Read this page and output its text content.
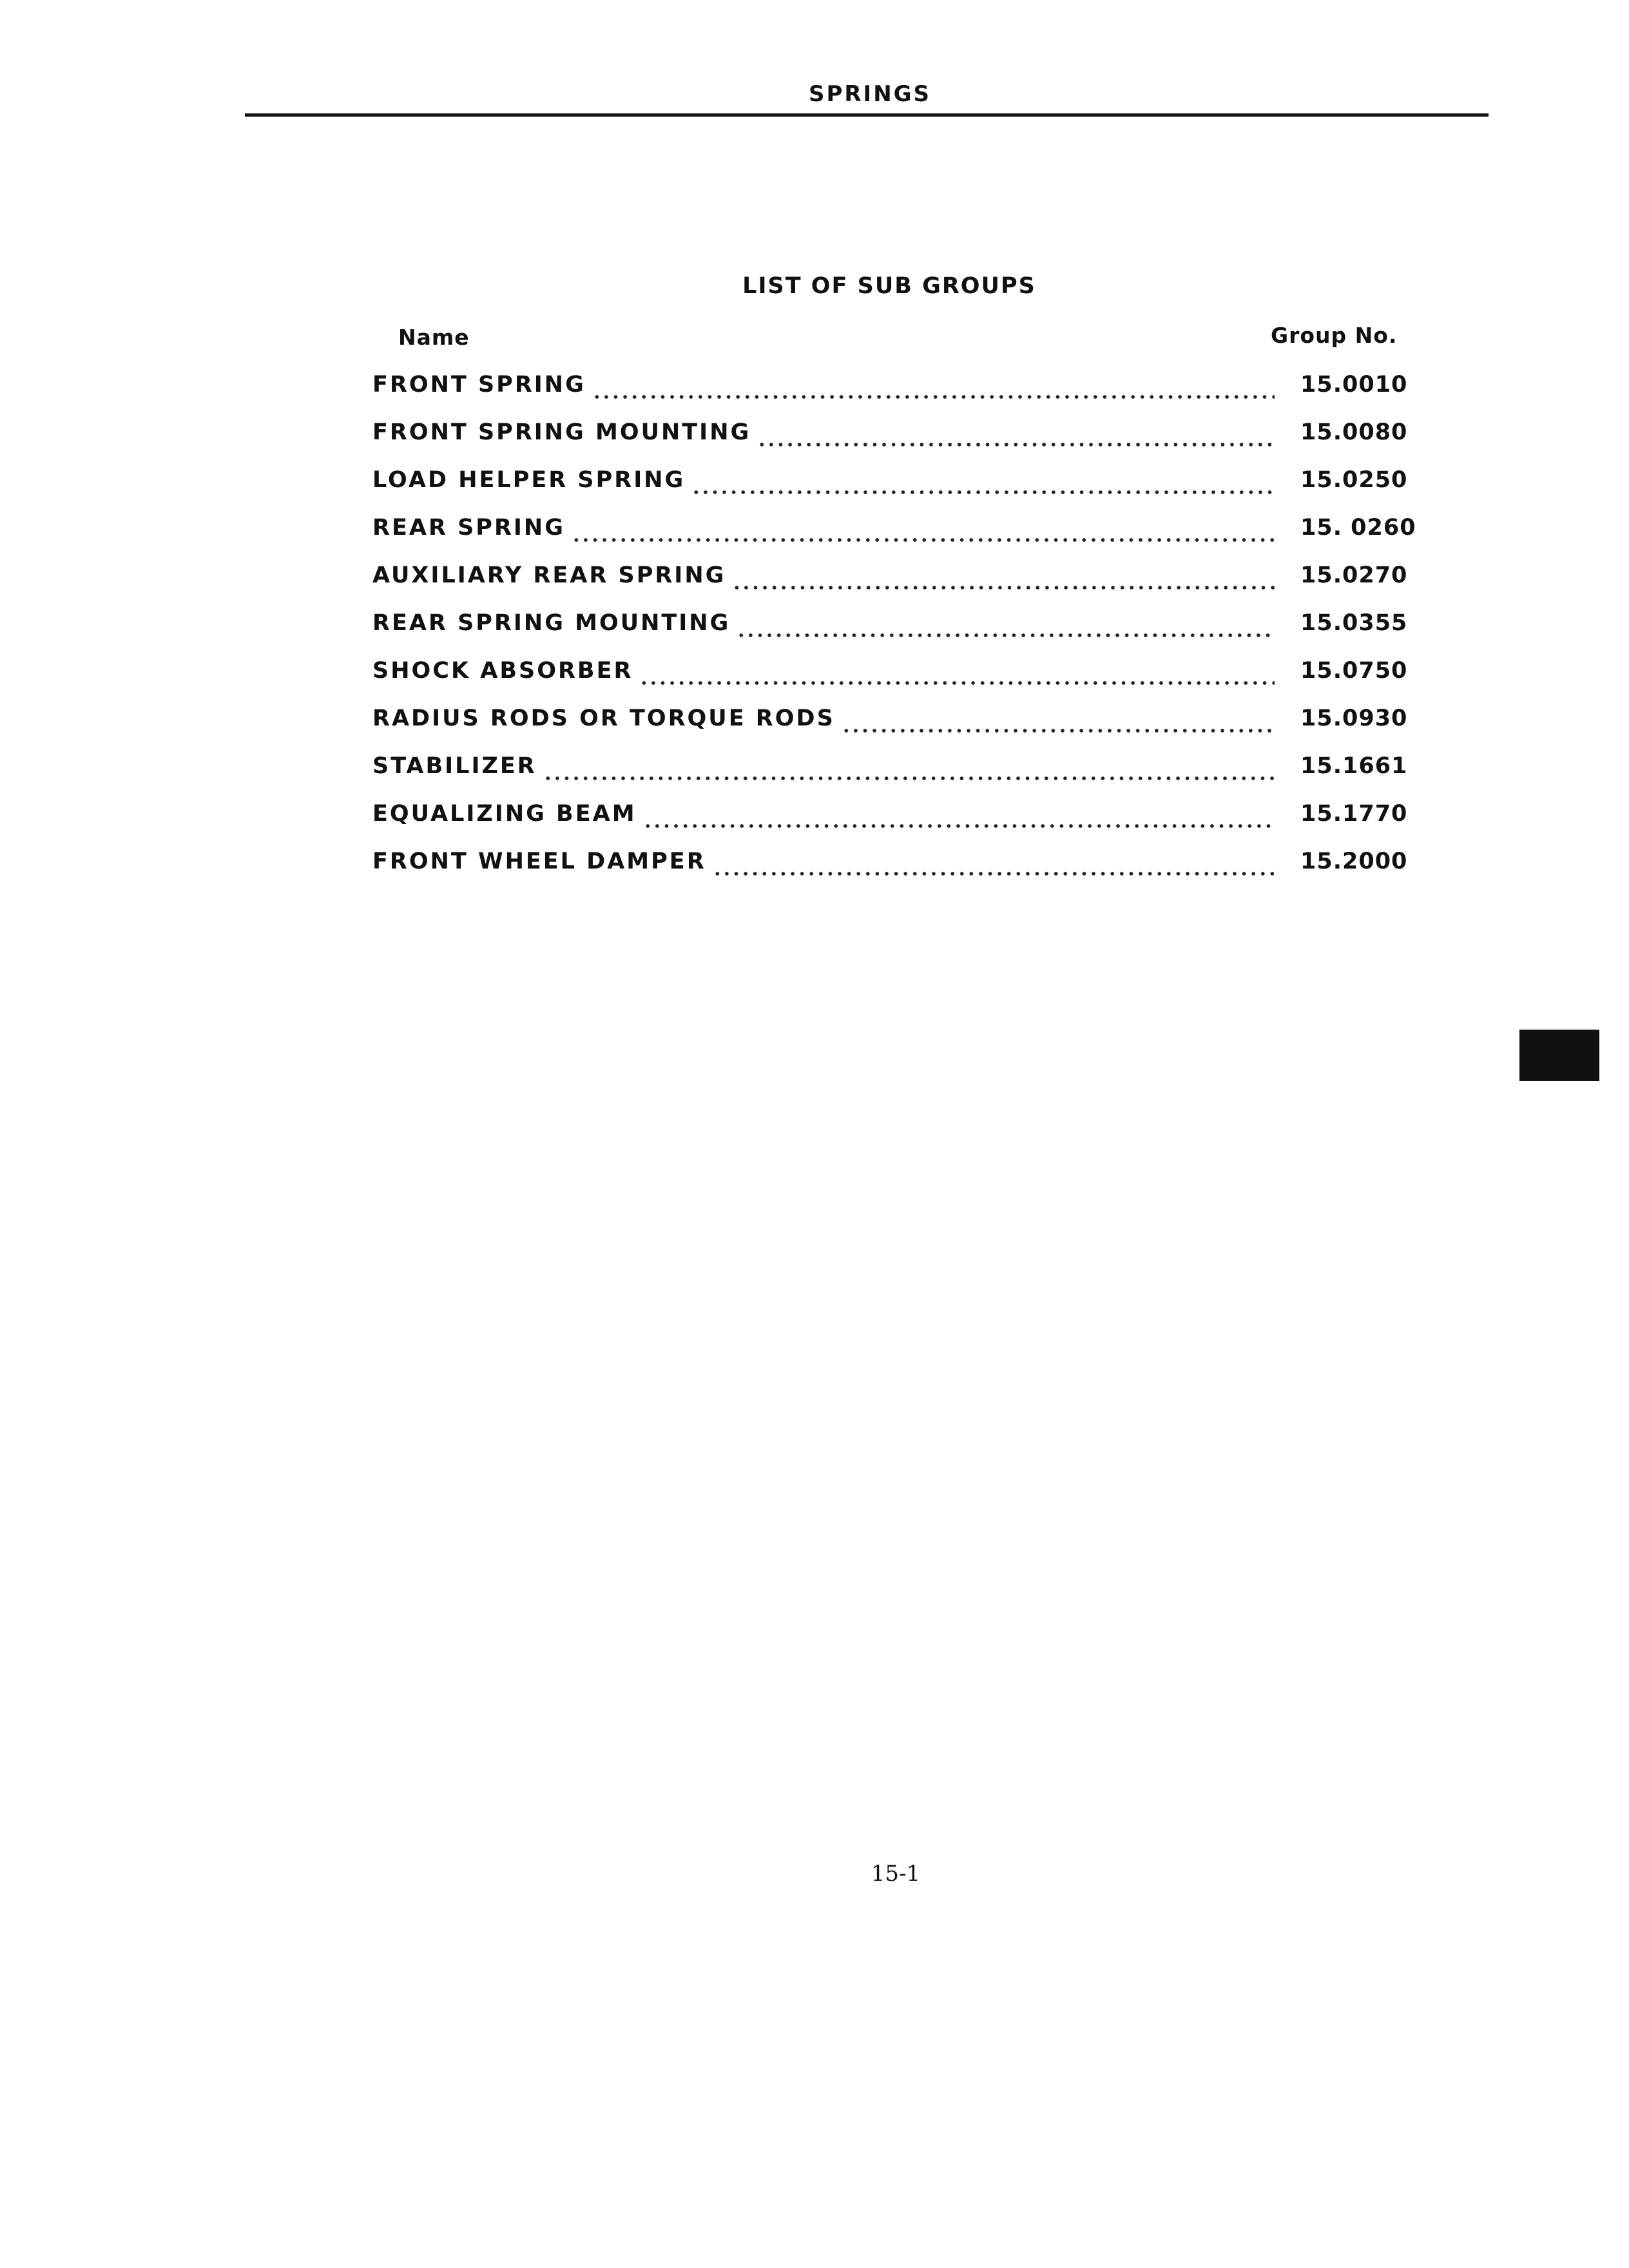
SPRINGS
LIST OF SUB GROUPS
Name	Group No.
FRONT SPRING	15.0010
FRONT SPRING MOUNTING	15.0080
LOAD HELPER SPRING	15.0250
REAR SPRING	15. 0260
AUXILIARY REAR SPRING	15.0270
REAR SPRING MOUNTING	15.0355
SHOCK ABSORBER	15.0750
RADIUS RODS OR TORQUE RODS	15.0930
STABILIZER	15.1661
EQUALIZING BEAM	15.1770
FRONT WHEEL DAMPER	15.2000
15-1
